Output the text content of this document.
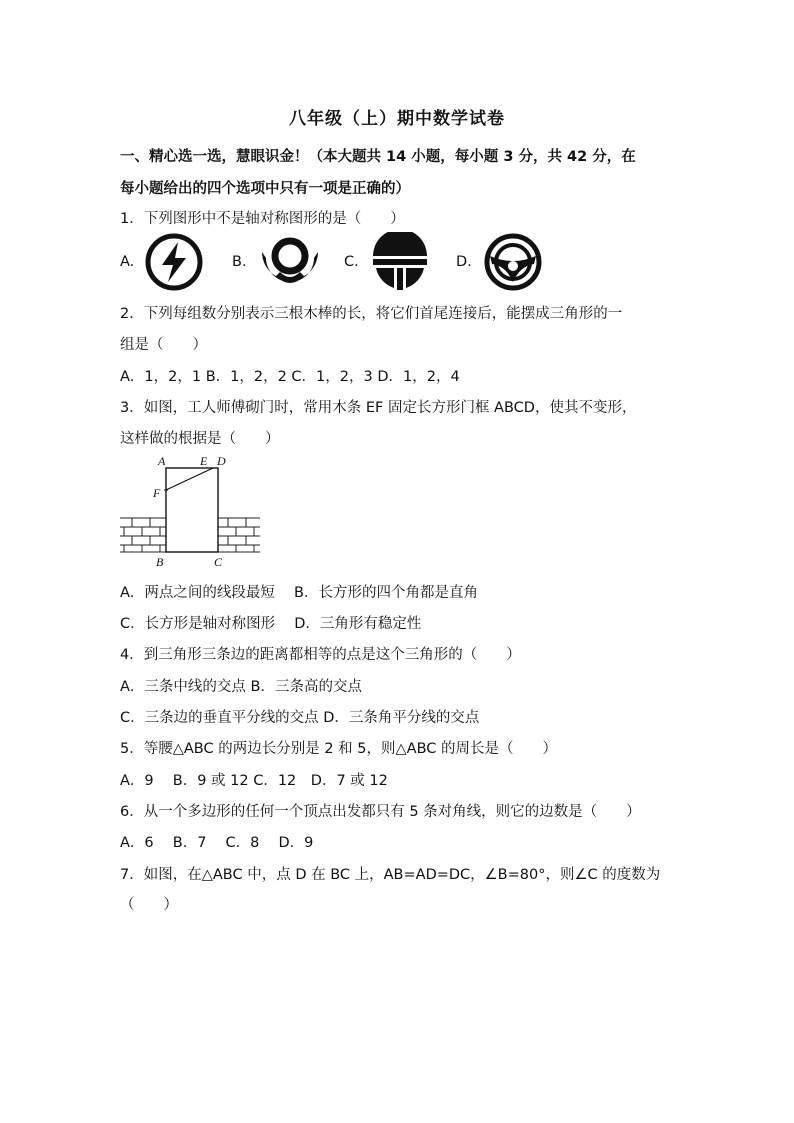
八年级（上）期中数学试卷
一、精心选一选，慧眼识金！（本大题共 14 小题，每小题 3 分，共 42 分，在
每小题给出的四个选项中只有一项是正确的）
1．下列图形中不是轴对称图形的是（　　）
A.	B.	C.	D.
2．下列每组数分别表示三根木棒的长，将它们首尾连接后，能摆成三角形的一
组是（　　）
A．1，2，1 B．1，2，2 C．1，2，3 D．1，2，4
3．如图，工人师傅砌门时，常用木条 EF 固定长方形门框 ABCD，使其不变形，
这样做的根据是（　　）
A	E D
F
B	C
A．两点之间的线段最短　 B．长方形的四个角都是直角
C．长方形是轴对称图形　 D．三角形有稳定性
4．到三角形三条边的距离都相等的点是这个三角形的（　　）
A．三条中线的交点 B．三条高的交点
C．三条边的垂直平分线的交点 D．三条角平分线的交点
5．等腰△ABC 的两边长分别是 2 和 5，则△ABC 的周长是（　　）
A．9　 B．9 或 12 C．12　D．7 或 12
6．从一个多边形的任何一个顶点出发都只有 5 条对角线，则它的边数是（　　）
A．6　 B．7　 C．8　 D．9
7．如图，在△ABC 中，点 D 在 BC 上，AB=AD=DC，∠B=80°，则∠C 的度数为
（　　）
